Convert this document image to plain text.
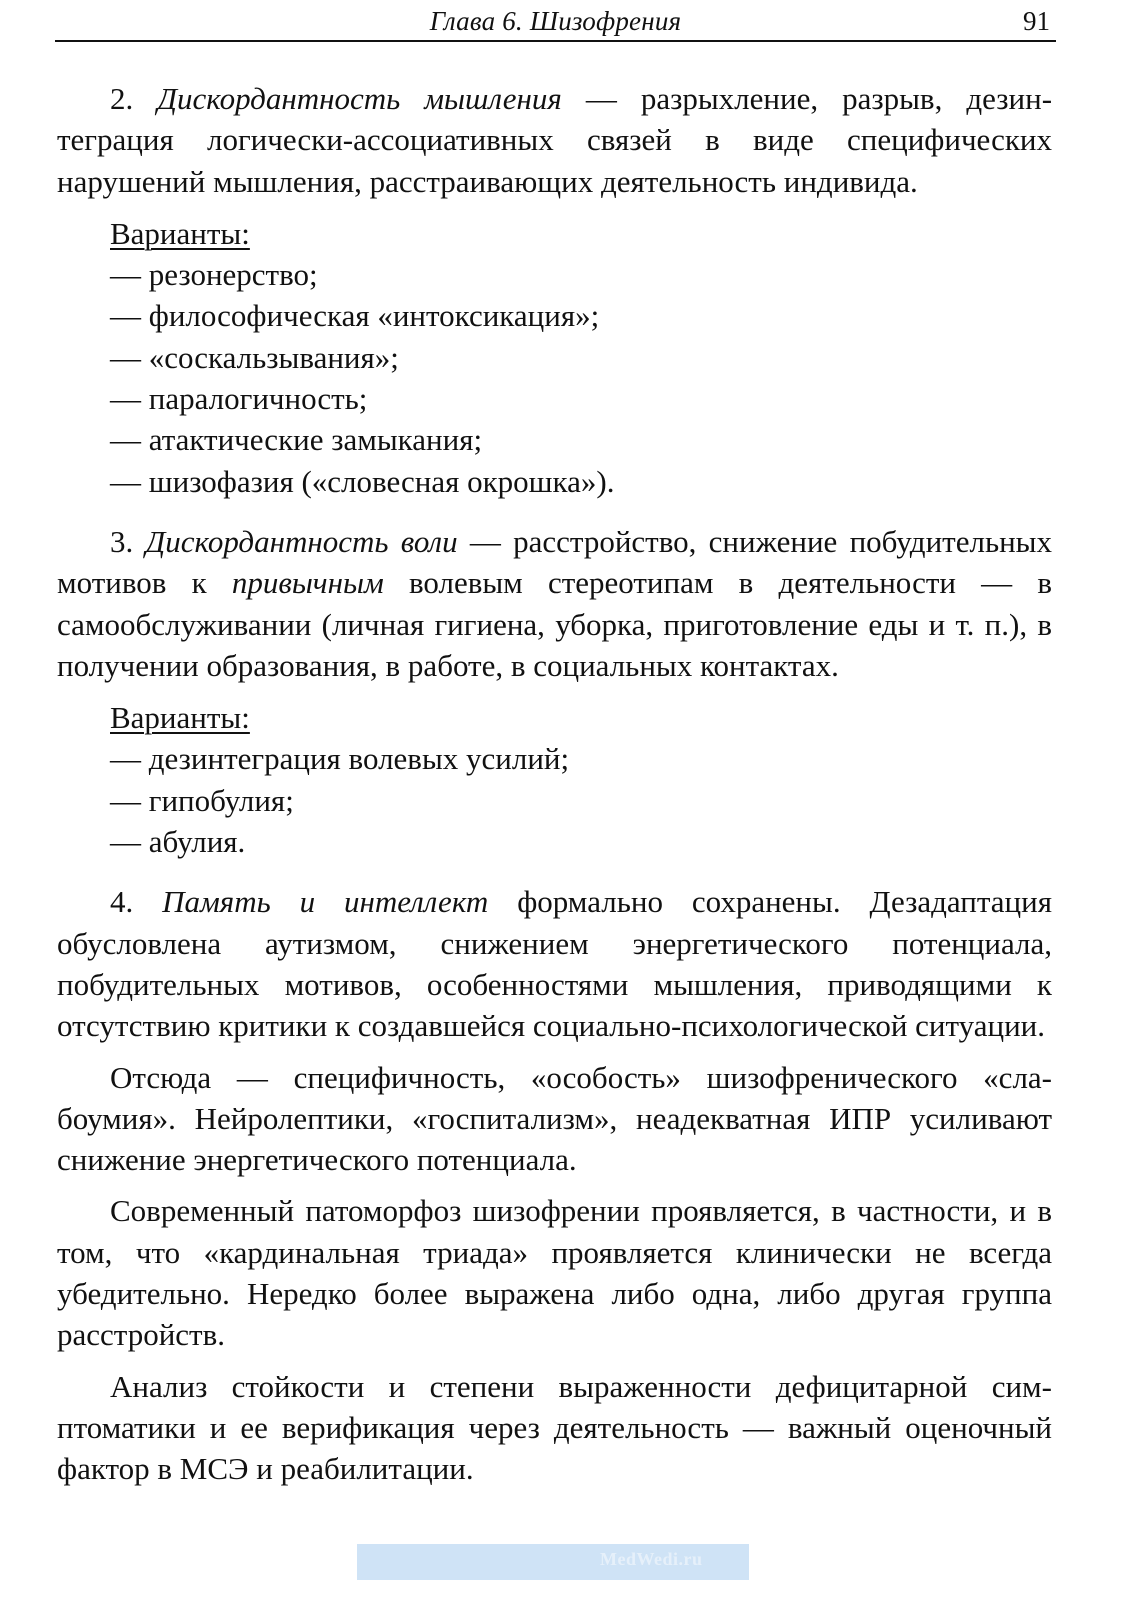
Глава 6. Шизофрения	91
MedWedi.ru

2. Дискордантность мышления — разрыхление, разрыв, дезинтеграция логически-ассоциативных связей в виде специфических нарушений мышления, расстраивающих деятельность индивида.

Варианты:
— резонерство;
— философическая «интоксикация»;
— «соскальзывания»;
— паралогичность;
— атактические замыкания;
— шизофазия («словесная окрошка»).

3. Дискордантность воли — расстройство, снижение побудительных мотивов к привычным волевым стереотипам в деятельности — в самообслуживании (личная гигиена, уборка, приготовление еды и т. п.), в получении образования, в работе, в социальных контактах.

Варианты:
— дезинтеграция волевых усилий;
— гипобулия;
— абулия.

4. Память и интеллект формально сохранены. Дезадаптация обусловлена аутизмом, снижением энергетического потенциала, побудительных мотивов, особенностями мышления, приводящими к отсутствию критики к создавшейся социально-психологической ситуации.

Отсюда — специфичность, «особость» шизофренического «слабоумия». Нейролептики, «госпитализм», неадекватная ИПР усиливают снижение энергетического потенциала.

Современный патоморфоз шизофрении проявляется, в частности, и в том, что «кардинальная триада» проявляется клинически не всегда убедительно. Нередко более выражена либо одна, либо другая группа расстройств.

Анализ стойкости и степени выраженности дефицитарной симптоматики и ее верификация через деятельность — важный оценочный фактор в МСЭ и реабилитации.
